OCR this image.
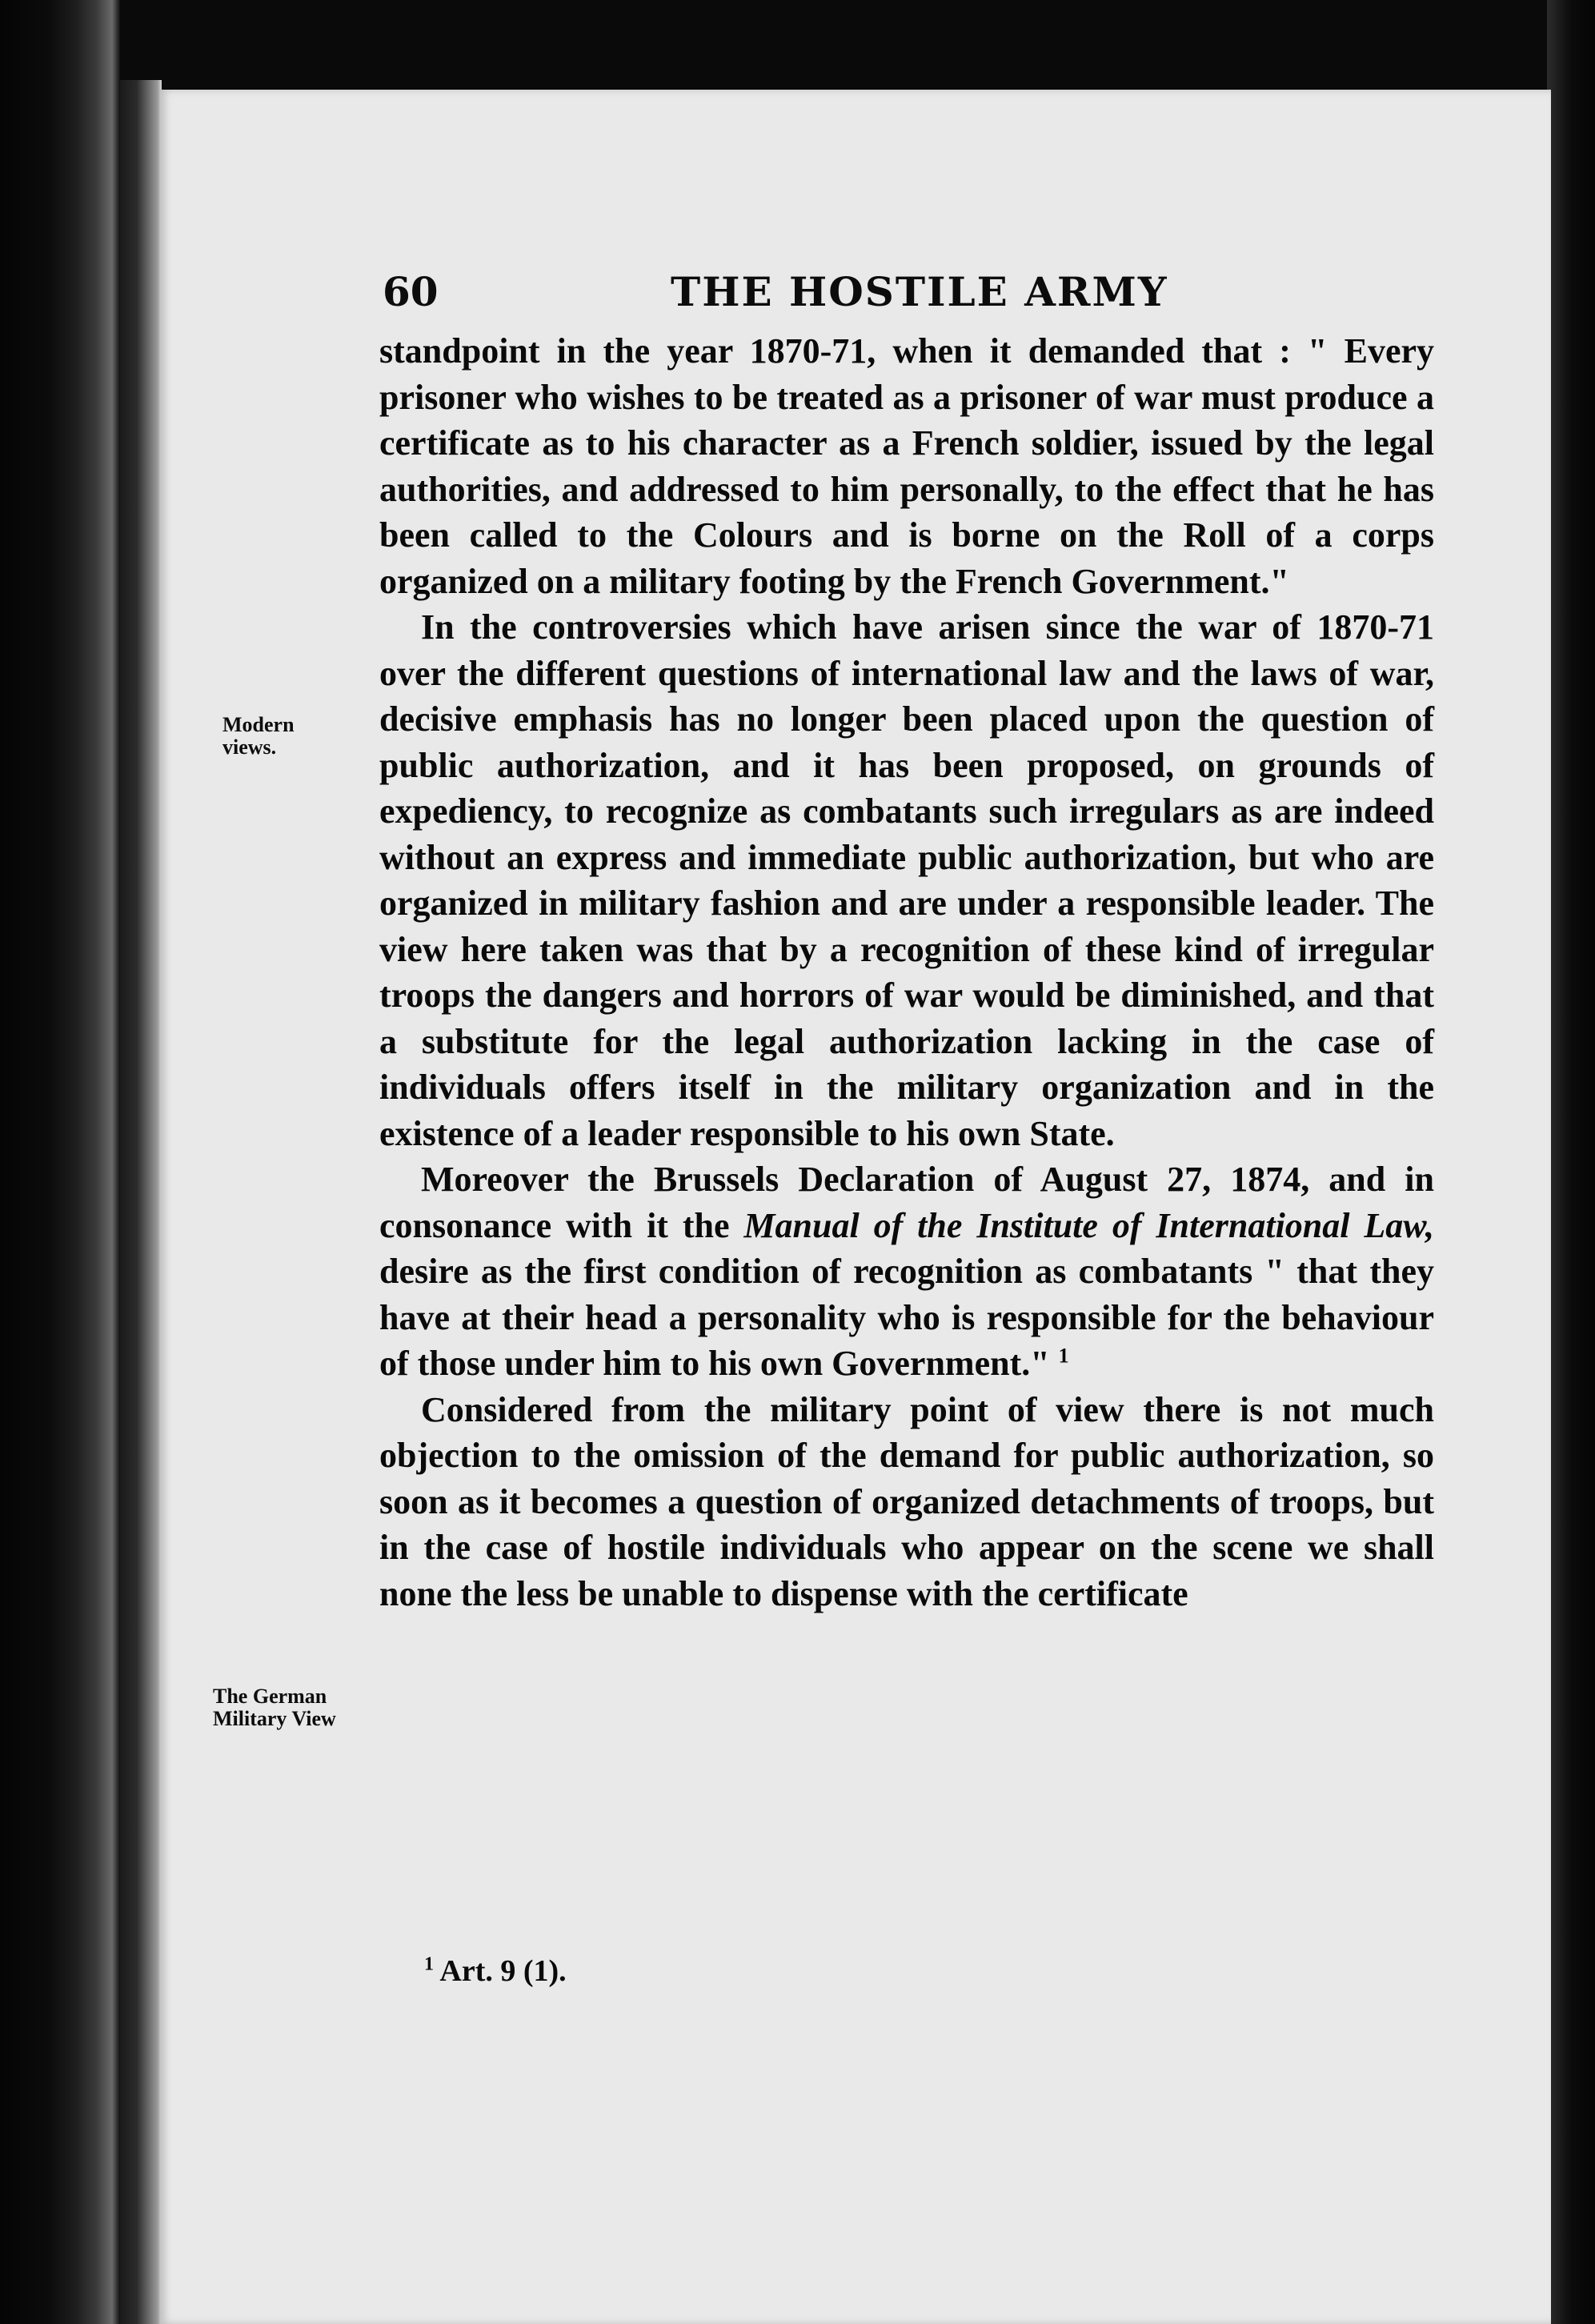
60	THE HOSTILE ARMY
Modern views.
The German Military View

standpoint in the year 1870-71, when it demanded that : " Every prisoner who wishes to be treated as a prisoner of war must produce a certificate as to his character as a French soldier, issued by the legal authorities, and addressed to him personally, to the effect that he has been called to the Colours and is borne on the Roll of a corps organized on a military footing by the French Government."

In the controversies which have arisen since the war of 1870-71 over the different questions of international law and the laws of war, decisive emphasis has no longer been placed upon the question of public authorization, and it has been proposed, on grounds of expediency, to recognize as combatants such irregulars as are indeed without an express and immediate public authorization, but who are organized in military fashion and are under a responsible leader. The view here taken was that by a recognition of these kind of irregular troops the dangers and horrors of war would be diminished, and that a substitute for the legal authorization lacking in the case of individuals offers itself in the military organization and in the existence of a leader responsible to his own State.

Moreover the Brussels Declaration of August 27, 1874, and in consonance with it the Manual of the Institute of International Law, desire as the first condition of recognition as combatants " that they have at their head a personality who is responsible for the behaviour of those under him to his own Government." $^1$

Considered from the military point of view there is not much objection to the omission of the demand for public authorization, so soon as it becomes a question of organized detachments of troops, but in the case of hostile individuals who appear on the scene we shall none the less be unable to dispense with the certificate

$^1$ Art. 9 (1).
